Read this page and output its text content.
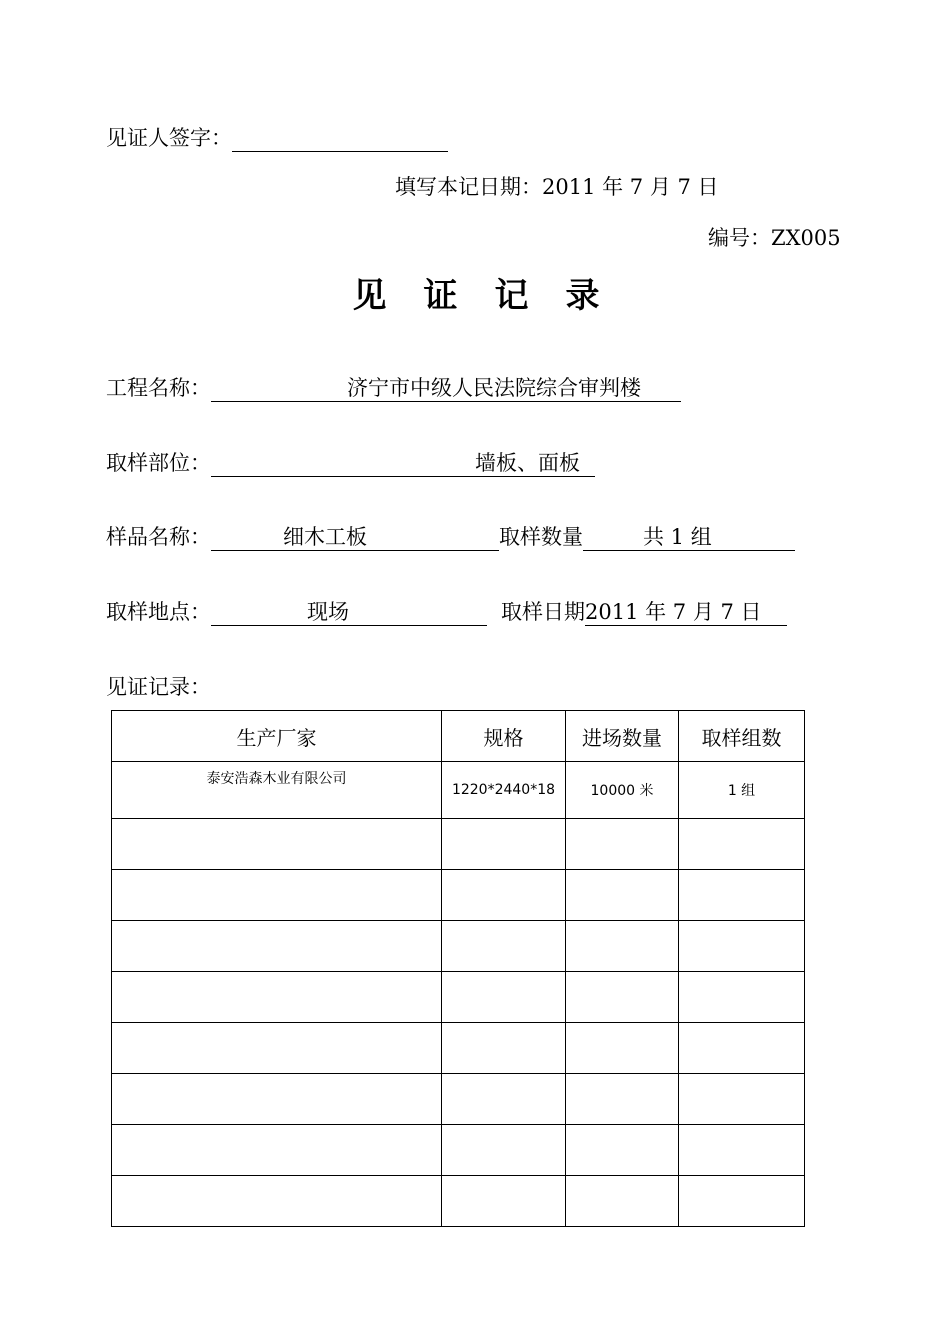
见证人签字：
填写本记日期：2011 年 7 月 7 日
编号：ZX005
见 证 记 录
工程名称：	济宁市中级人民法院综合审判楼
取样部位：	墙板、面板
样品名称：	细木工板	取样数量	共 1 组
取样地点：	现场	取样日期2011 年 7 月 7 日
见证记录：
生产厂家	规格	进场数量	取样组数
泰安浩森木业有限公司	1220*2440*18	10000 米	1 组
